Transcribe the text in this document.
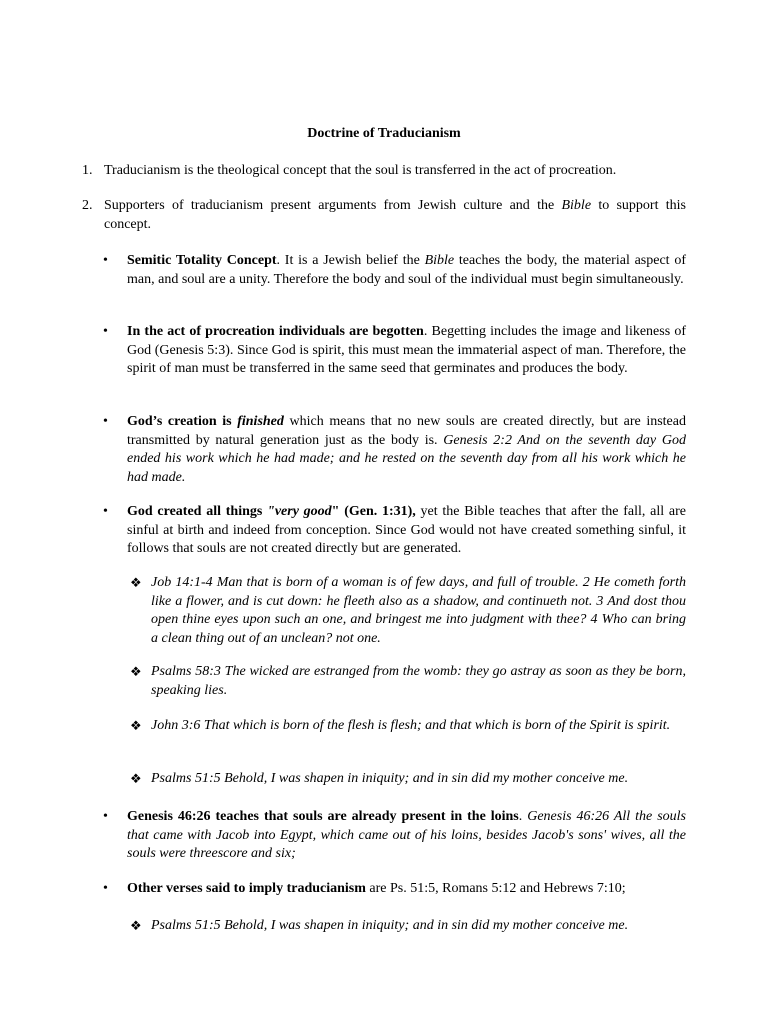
Doctrine of Traducianism
1. Traducianism is the theological concept that the soul is transferred in the act of procreation.
2. Supporters of traducianism present arguments from Jewish culture and the Bible to support this concept.
• Semitic Totality Concept. It is a Jewish belief the Bible teaches the body, the material aspect of man, and soul are a unity. Therefore the body and soul of the individual must begin simultaneously.
• In the act of procreation individuals are begotten. Begetting includes the image and likeness of God (Genesis 5:3). Since God is spirit, this must mean the immaterial aspect of man. Therefore, the spirit of man must be transferred in the same seed that germinates and produces the body.
• God’s creation is finished which means that no new souls are created directly, but are instead transmitted by natural generation just as the body is. Genesis 2:2 And on the seventh day God ended his work which he had made; and he rested on the seventh day from all his work which he had made.
• God created all things "very good" (Gen. 1:31), yet the Bible teaches that after the fall, all are sinful at birth and indeed from conception. Since God would not have created something sinful, it follows that souls are not created directly but are generated.
❖ Job 14:1-4 Man that is born of a woman is of few days, and full of trouble. 2 He cometh forth like a flower, and is cut down: he fleeth also as a shadow, and continueth not. 3 And dost thou open thine eyes upon such an one, and bringest me into judgment with thee? 4 Who can bring a clean thing out of an unclean? not one.
❖ Psalms 58:3 The wicked are estranged from the womb: they go astray as soon as they be born, speaking lies.
❖ John 3:6 That which is born of the flesh is flesh; and that which is born of the Spirit is spirit.
❖ Psalms 51:5 Behold, I was shapen in iniquity; and in sin did my mother conceive me.
• Genesis 46:26 teaches that souls are already present in the loins. Genesis 46:26 All the souls that came with Jacob into Egypt, which came out of his loins, besides Jacob's sons' wives, all the souls were threescore and six;
• Other verses said to imply traducianism are Ps. 51:5, Romans 5:12 and Hebrews 7:10;
❖ Psalms 51:5 Behold, I was shapen in iniquity; and in sin did my mother conceive me.
